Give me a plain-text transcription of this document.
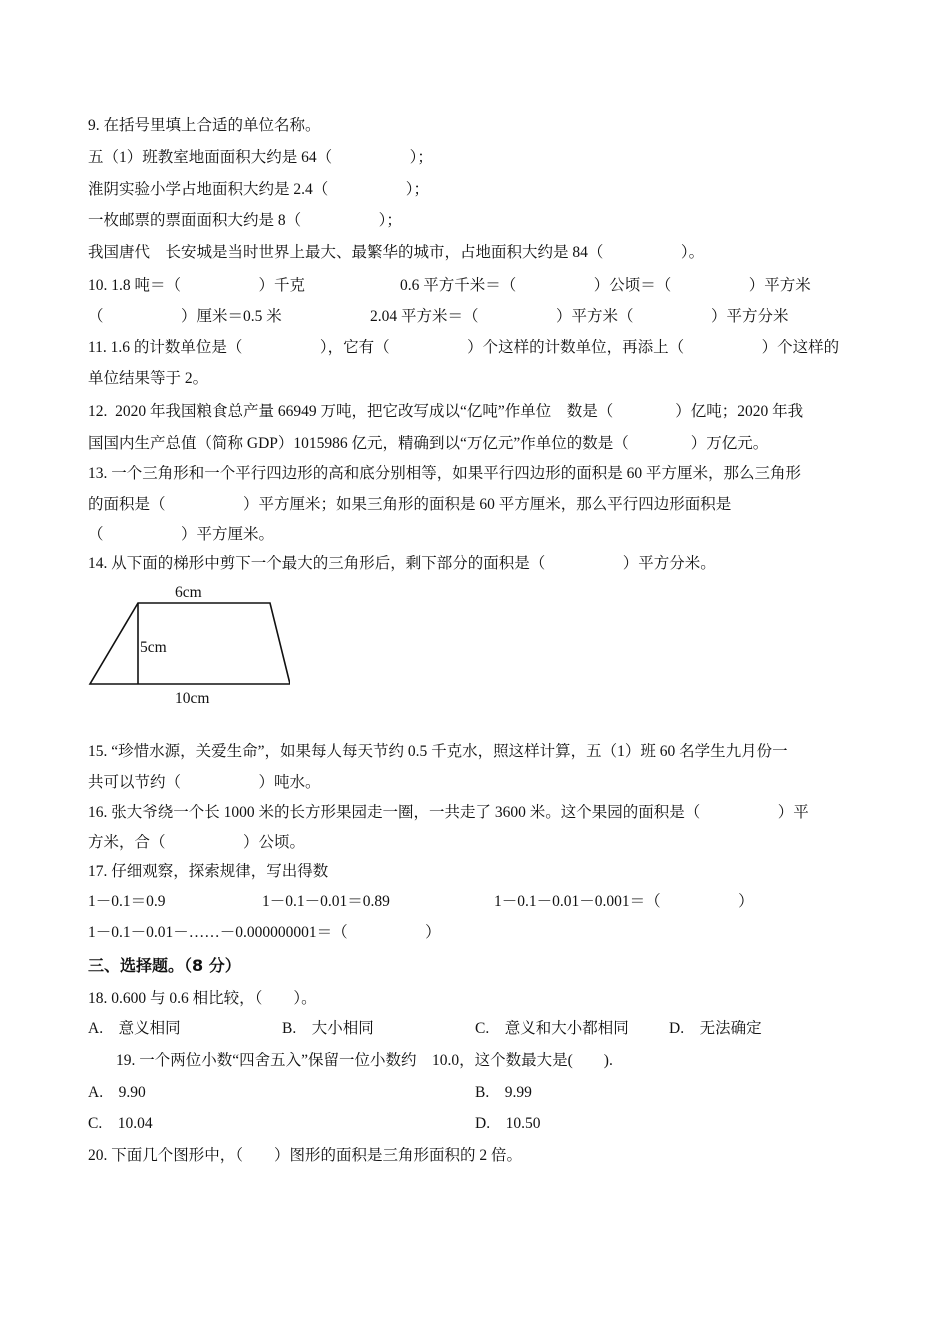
9. 在括号里填上合适的单位名称。
五（1）班教室地面面积大约是 64（　　　　　）；
淮阴实验小学占地面积大约是 2.4（　　　　　）；
一枚邮票的票面面积大约是 8（　　　　　）；
我国唐代　长安城是当时世界上最大、最繁华的城市，占地面积大约是 84（　　　　　）。
10. 1.8 吨＝（　　　　　）千克	0.6 平方千米＝（　　　　　）公顷＝（　　　　　）平方米
（　　　　　）厘米＝0.5 米	2.04 平方米＝（　　　　　）平方米（　　　　　）平方分米
11. 1.6 的计数单位是（　　　　　），它有（　　　　　）个这样的计数单位，再添上（　　　　　）个这样的
单位结果等于 2。
12.  2020 年我国粮食总产量 66949 万吨，把它改写成以“亿吨”作单位　数是（　　　　）亿吨；2020 年我
国国内生产总值（简称 GDP）1015986 亿元，精确到以“万亿元”作单位的数是（　　　　）万亿元。
13. 一个三角形和一个平行四边形的高和底分别相等，如果平行四边形的面积是 60 平方厘米，那么三角形
的面积是（　　　　　）平方厘米；如果三角形的面积是 60 平方厘米，那么平行四边形面积是
（　　　　　）平方厘米。
14. 从下面的梯形中剪下一个最大的三角形后，剩下部分的面积是（　　　　　）平方分米。
6cm
5cm
10cm
15. “珍惜水源，关爱生命”，如果每人每天节约 0.5 千克水，照这样计算，五（1）班 60 名学生九月份一
共可以节约（　　　　　）吨水。
16. 张大爷绕一个长 1000 米的长方形果园走一圈，一共走了 3600 米。这个果园的面积是（　　　　　）平
方米，合（　　　　　）公顷。
17. 仔细观察，探索规律，写出得数
1－0.1＝0.9	1－0.1－0.01＝0.89	1－0.1－0.01－0.001＝（　　　　　）
1－0.1－0.01－……－0.000000001＝（　　　　　）
三、选择题。（8 分）
18. 0.600 与 0.6 相比较，（　　）。
A.　意义相同	B.　大小相同	C.　意义和大小都相同	D.　无法确定
19. 一个两位小数“四舍五入”保留一位小数约　10.0，这个数最大是(　　).
A.　9.90	B.　9.99
C.　10.04	D.　10.50
20. 下面几个图形中，（　　）图形的面积是三角形面积的 2 倍。
